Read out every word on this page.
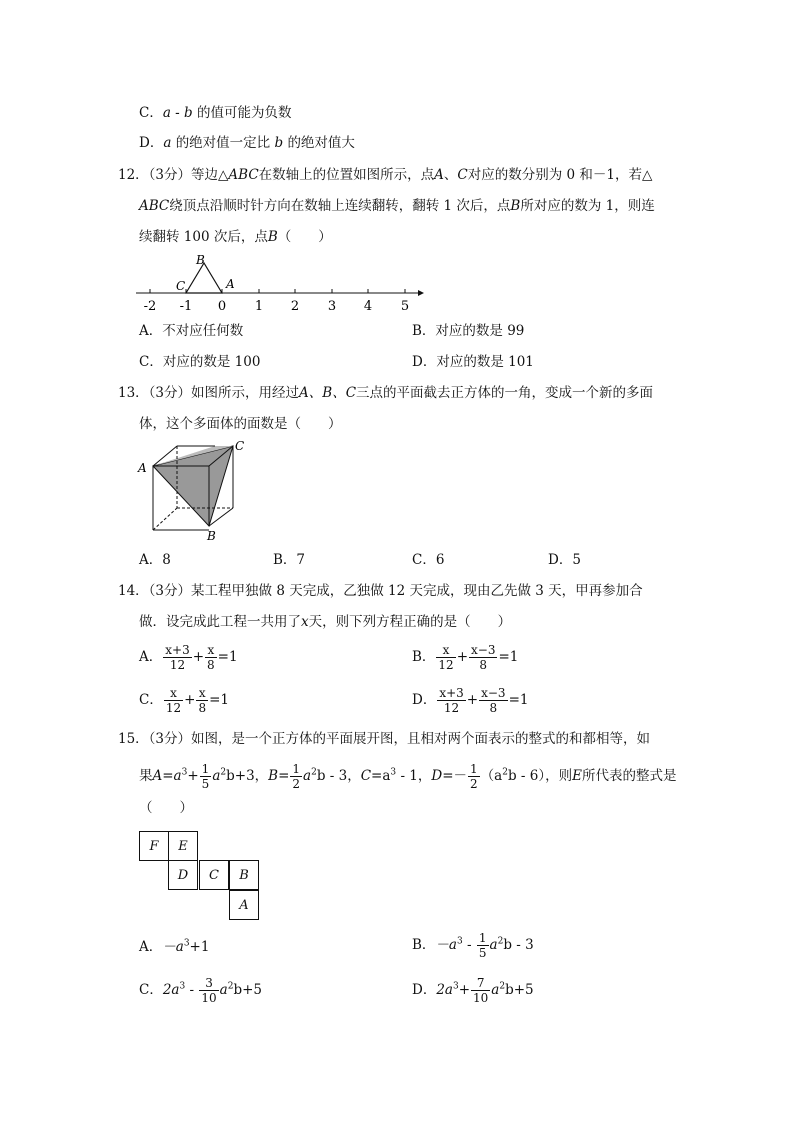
C．a - b 的值可能为负数
D．a 的绝对值一定比 b 的绝对值大
12．（3分）等边△ABC在数轴上的位置如图所示，点A、C对应的数分别为 0 和－1，若△
ABC绕顶点沿顺时针方向在数轴上连续翻转，翻转 1 次后，点B所对应的数为 1，则连
续翻转 100 次后，点B（　　）
-2 -1 0 1 2 3 4 5
B
C	A
A．不对应任何数	B．对应的数是 99
C．对应的数是 100	D．对应的数是 101
13．（3分）如图所示，用经过A、B、C三点的平面截去正方体的一角，变成一个新的多面
体，这个多面体的面数是（　　）
A
C
B
A．8	B．7	C．6	D．5
14．（3分）某工程甲独做 8 天完成，乙独做 12 天完成，现由乙先做 3 天，甲再参加合
做．设完成此工程一共用了x天，则下列方程正确的是（　　）
A． $\frac{x+3}{12} + \frac{x}{8} =1$	B． $\frac{x}{12} + \frac{x-3}{8} =1$
C． $\frac{x}{12} + \frac{x}{8} =1$	D． $\frac{x+3}{12} + \frac{x-3}{8} =1$
15．（3分）如图，是一个正方体的平面展开图，且相对两个面表示的整式的和都相等，如
果$A=a^3+ \frac{1}{5} a^2b+3$，$B= \frac{1}{2} a^2b - 3$，$C=a^3 - 1$，$D=- \frac{1}{2} (a^2b - 6)$，则E所代表的整式是
（　　）
F	E
D	C	B
A
A．$-a^3+1$	B．$-a^3 - \frac{1}{5} a^2b - 3$
C．$2a^3 - \frac{3}{10} a^2b+5$	D．$2a^3+ \frac{7}{10} a^2b+5$
